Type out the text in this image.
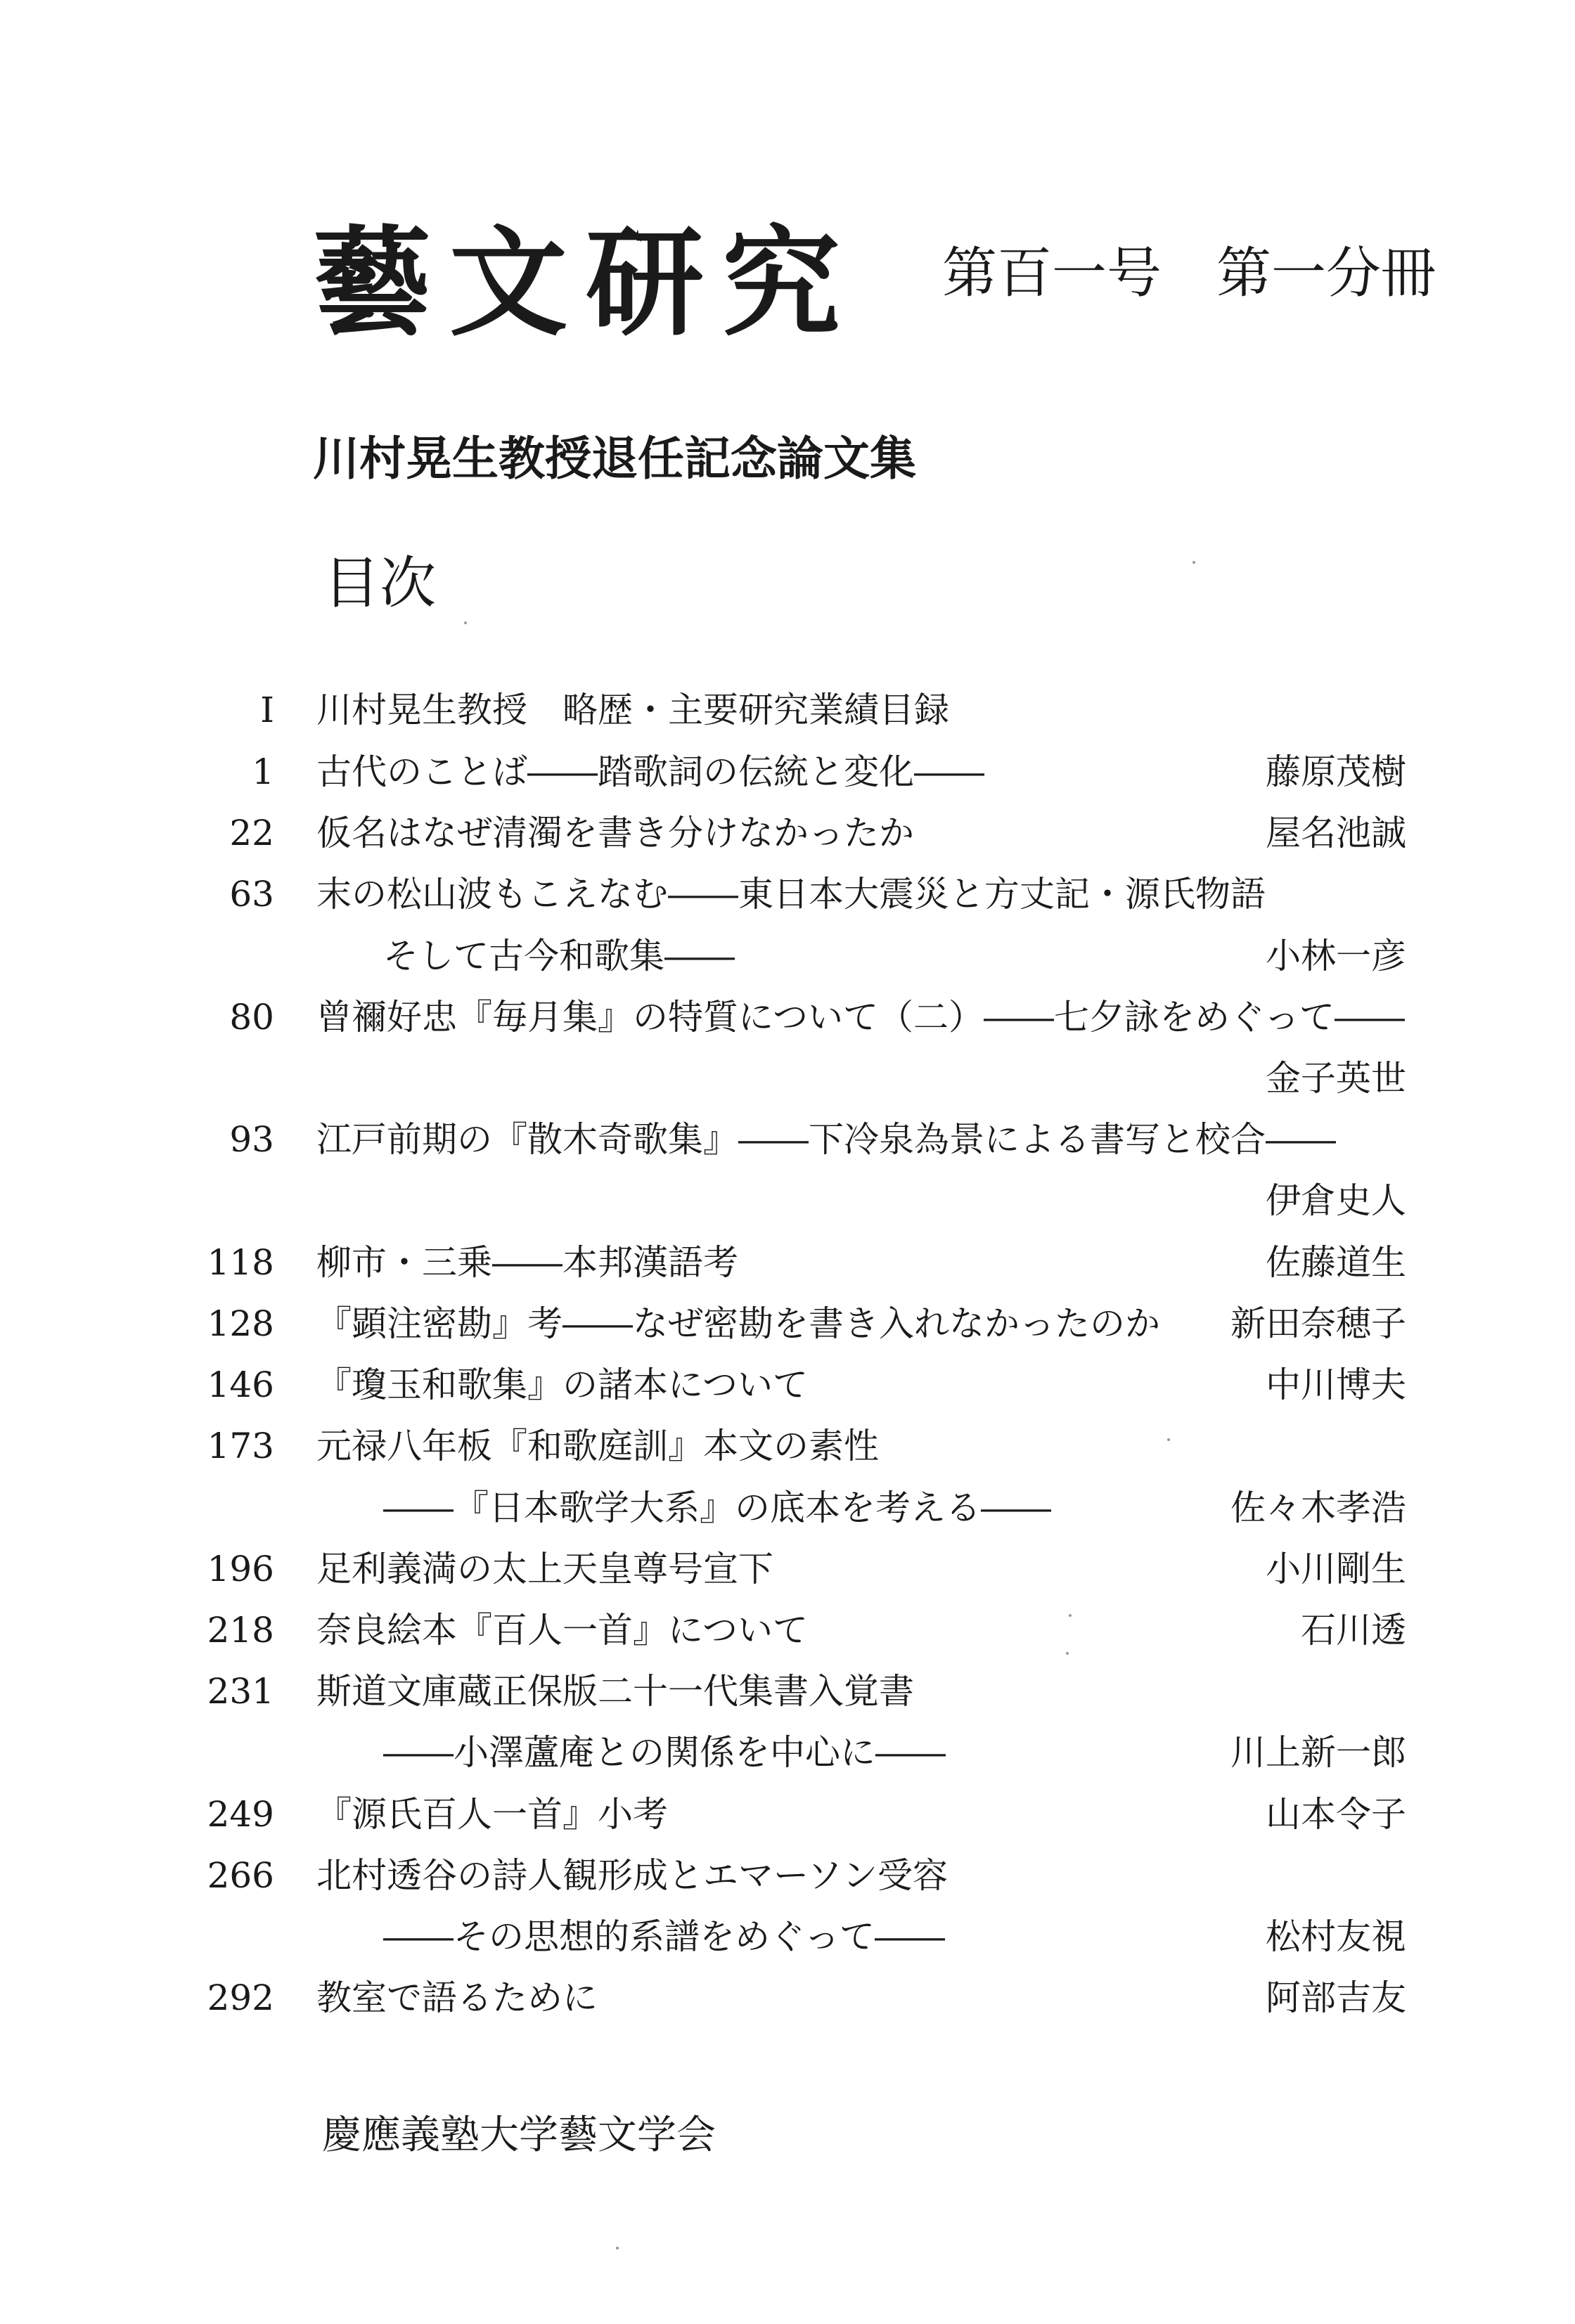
藝文研究 第百一号　第一分冊
川村晃生教授退任記念論文集
目次
Ⅰ 川村晃生教授　略歴・主要研究業績目録
1 古代のことば――踏歌詞の伝統と変化――	藤原茂樹
22 仮名はなぜ清濁を書き分けなかったか	屋名池誠
63 末の松山波もこえなむ――東日本大震災と方丈記・源氏物語
そして古今和歌集――	小林一彦
80 曾禰好忠『毎月集』の特質について（二）――七夕詠をめぐって――
金子英世
93 江戸前期の『散木奇歌集』――下冷泉為景による書写と校合――
伊倉史人
118 柳市・三乗――本邦漢語考	佐藤道生
128 『顕注密勘』考――なぜ密勘を書き入れなかったのか 新田奈穂子
146 『瓊玉和歌集』の諸本について	中川博夫
173 元禄八年板『和歌庭訓』本文の素性
――『日本歌学大系』の底本を考える――	佐々木孝浩
196 足利義満の太上天皇尊号宣下	小川剛生
218 奈良絵本『百人一首』について	石川透
231 斯道文庫蔵正保版二十一代集書入覚書
――小澤蘆庵との関係を中心に――	川上新一郎
249 『源氏百人一首』小考	山本令子
266 北村透谷の詩人観形成とエマーソン受容
――その思想的系譜をめぐって――	松村友視
292 教室で語るために	阿部吉友
慶應義塾大学藝文学会
